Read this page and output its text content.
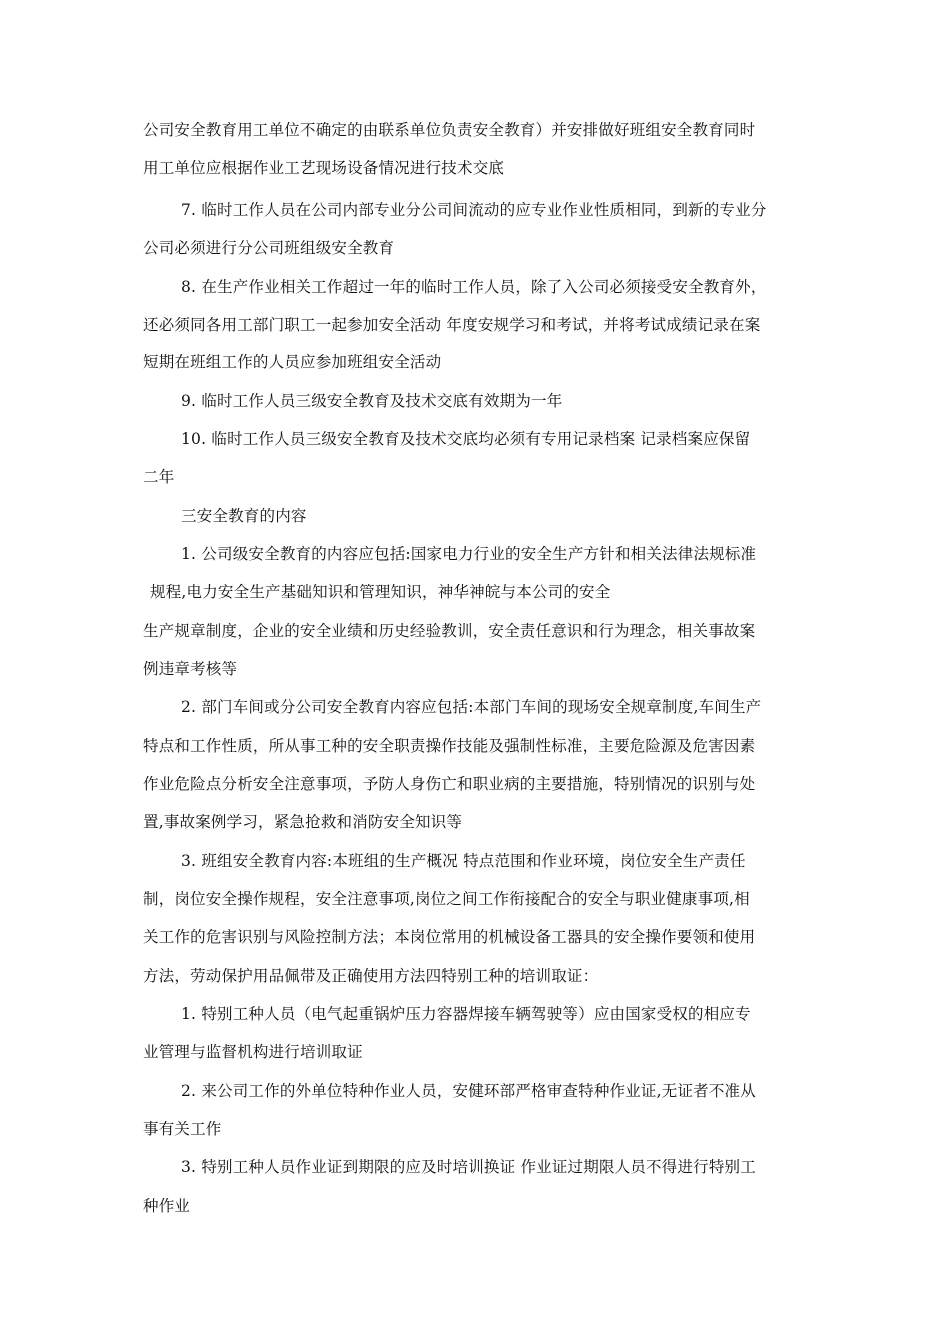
公司安全教育用工单位不确定的由联系单位负责安全教育）并安排做好班组安全教育同时

用工单位应根据作业工艺现场设备情况进行技术交底

7. 临时工作人员在公司内部专业分公司间流动的应专业作业性质相同，到新的专业分

公司必须进行分公司班组级安全教育

8. 在生产作业相关工作超过一年的临时工作人员，除了入公司必须接受安全教育外，

还必须同各用工部门职工一起参加安全活动 年度安规学习和考试，并将考试成绩记录在案

短期在班组工作的人员应参加班组安全活动

9. 临时工作人员三级安全教育及技术交底有效期为一年

10. 临时工作人员三级安全教育及技术交底均必须有专用记录档案 记录档案应保留

二年

三安全教育的内容

1. 公司级安全教育的内容应包括:国家电力行业的安全生产方针和相关法律法规标准

规程,电力安全生产基础知识和管理知识，神华神皖与本公司的安全

生产规章制度，企业的安全业绩和历史经验教训，安全责任意识和行为理念，相关事故案

例违章考核等

2. 部门车间或分公司安全教育内容应包括:本部门车间的现场安全规章制度,车间生产

特点和工作性质，所从事工种的安全职责操作技能及强制性标准，主要危险源及危害因素

作业危险点分析安全注意事项，予防人身伤亡和职业病的主要措施，特别情况的识别与处

置,事故案例学习，紧急抢救和消防安全知识等

3. 班组安全教育内容:本班组的生产概况 特点范围和作业环境，岗位安全生产责任

制，岗位安全操作规程，安全注意事项,岗位之间工作衔接配合的安全与职业健康事项,相

关工作的危害识别与风险控制方法；本岗位常用的机械设备工器具的安全操作要领和使用

方法，劳动保护用品佩带及正确使用方法四特别工种的培训取证：

1. 特别工种人员（电气起重锅炉压力容器焊接车辆驾驶等）应由国家受权的相应专

业管理与监督机构进行培训取证

2. 来公司工作的外单位特种作业人员，安健环部严格审查特种作业证,无证者不准从

事有关工作

3. 特别工种人员作业证到期限的应及时培训换证 作业证过期限人员不得进行特别工

种作业
